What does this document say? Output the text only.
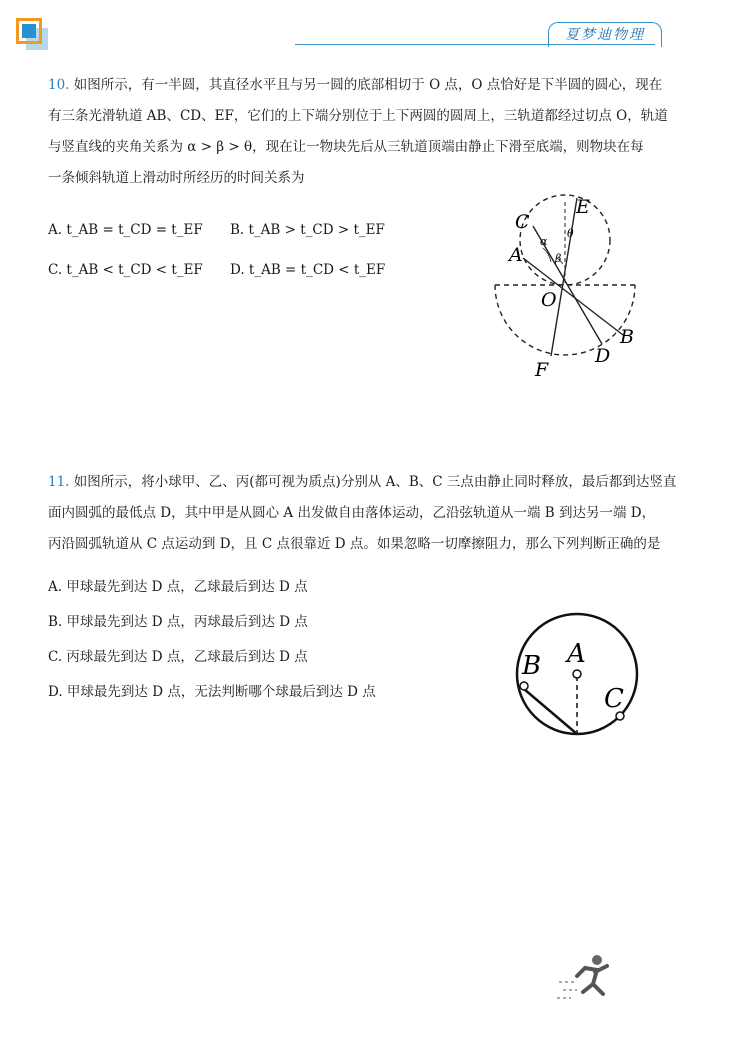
夏梦迪物理
10. 如图所示，有一半圆，其直径水平且与另一圆的底部相切于 O 点，O 点恰好是下半圆的圆心，现在
有三条光滑轨道 AB、CD、EF，它们的上下端分别位于上下两圆的圆周上，三轨道都经过切点 O，轨道
与竖直线的夹角关系为 α > β > θ，现在让一物块先后从三轨道顶端由静止下滑至底端，则物块在每
一条倾斜轨道上滑动时所经历的时间关系为
A. t_AB = t_CD = t_EF B. t_AB > t_CD > t_EF
C. t_AB < t_CD < t_EF D. t_AB = t_CD < t_EF
C
E
A
α
β
θ
O
B
D
F
11. 如图所示，将小球甲、乙、丙(都可视为质点)分别从 A、B、C 三点由静止同时释放，最后都到达竖直
面内圆弧的最低点 D，其中甲是从圆心 A 出发做自由落体运动，乙沿弦轨道从一端 B 到达另一端 D，
丙沿圆弧轨道从 C 点运动到 D，且 C 点很靠近 D 点。如果忽略一切摩擦阻力，那么下列判断正确的是
A. 甲球最先到达 D 点，乙球最后到达 D 点
B. 甲球最先到达 D 点，丙球最后到达 D 点
C. 丙球最先到达 D 点，乙球最后到达 D 点
D. 甲球最先到达 D 点，无法判断哪个球最后到达 D 点
A
B
C
